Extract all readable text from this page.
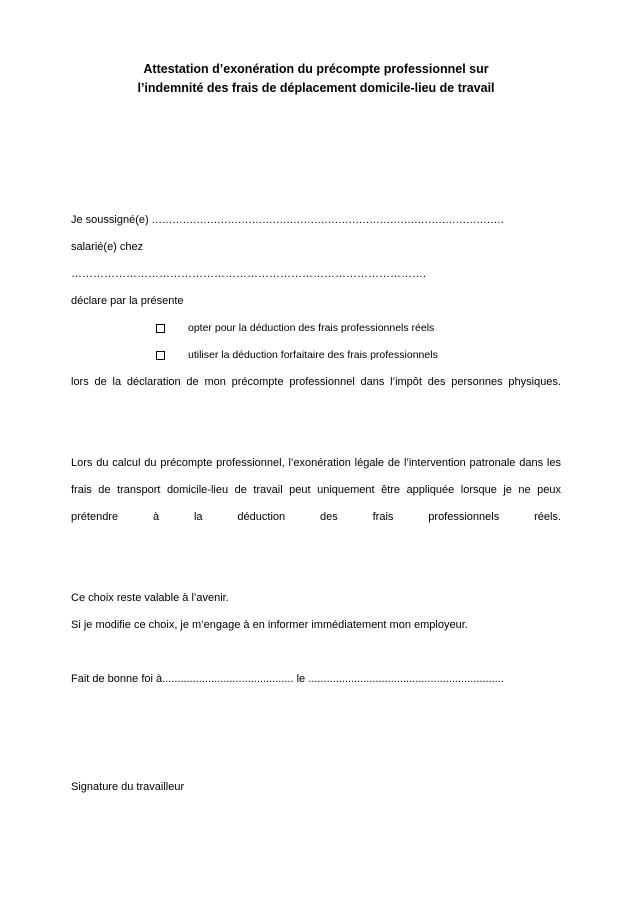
Attestation d’exonération du précompte professionnel sur
l’indemnité des frais de déplacement domicile-lieu de travail
Je soussigné(e) ......................................................................................................
salarié(e) chez
…………………………………………………………………………………….
déclare par la présente
opter pour la déduction des frais professionnels réels
utiliser la déduction forfaitaire des frais professionnels

lors de la déclaration de mon précompte professionnel dans l’impôt des personnes physiques.

Lors du calcul du précompte professionnel, l’exonération légale de l’intervention patronale dans les frais de transport domicile-lieu de travail peut uniquement être appliquée lorsque je ne peux prétendre à la déduction des frais professionnels réels.

Ce choix reste valable à l’avenir.
Si je modifie ce choix, je m’engage à en informer immédiatement mon employeur.
Fait de bonne foi à........................................... le ................................................................
Signature du travailleur
